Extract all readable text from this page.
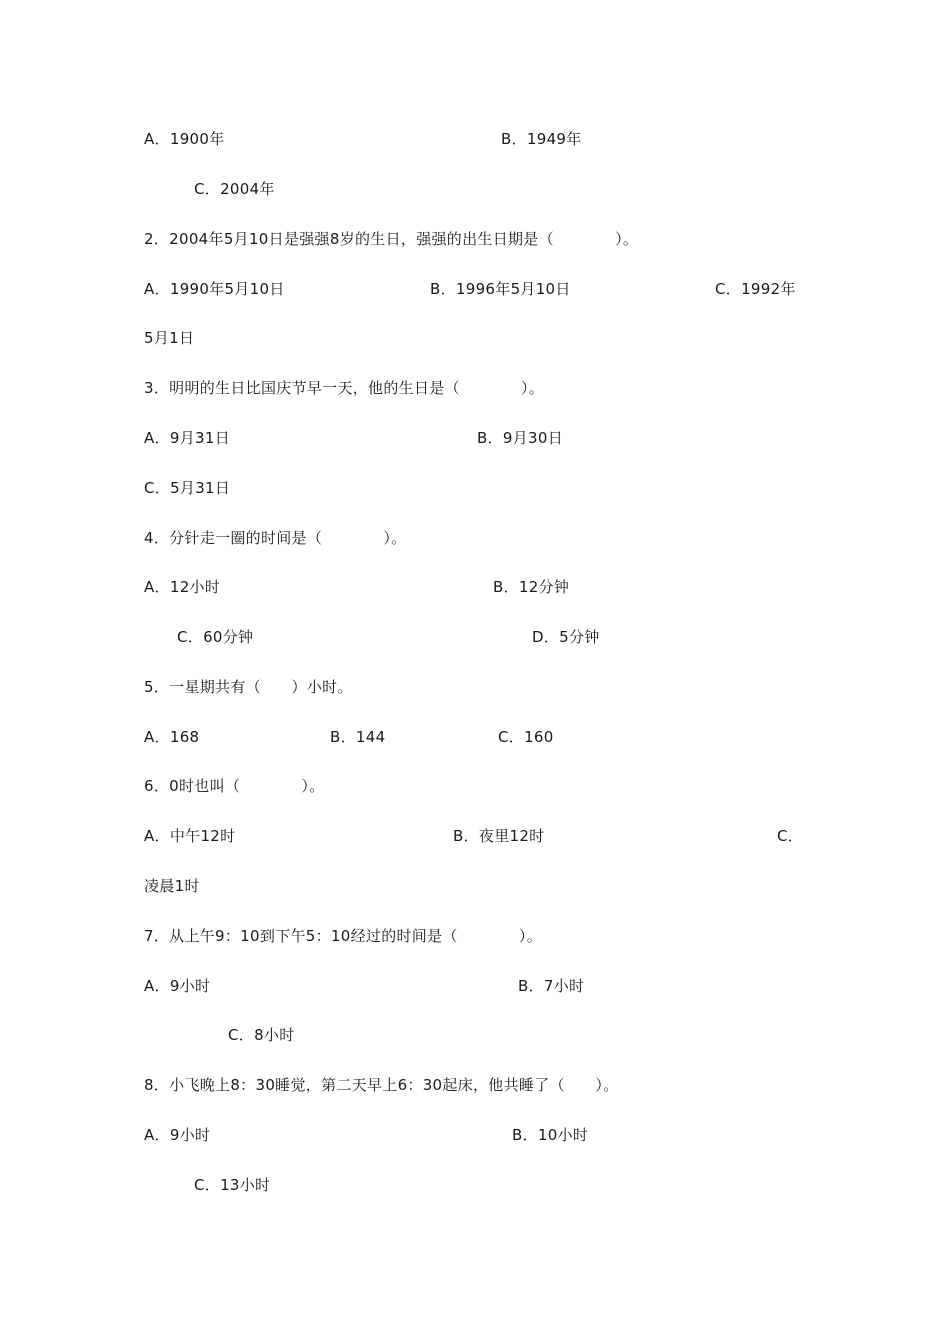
A．1900年	B．1949年
C．2004年
2．2004年5月10日是强强8岁的生日，强强的出生日期是（　　　　）。
A．1990年5月10日	B．1996年5月10日	C．1992年
5月1日
3．明明的生日比国庆节早一天，他的生日是（　　　　）。
A．9月31日	B．9月30日
C．5月31日
4．分针走一圈的时间是（　　　　）。
A．12小时	B．12分钟
C．60分钟	D．5分钟
5．一星期共有（　　）小时。
A．168	B．144	C．160
6．0时也叫（　　　　）。
A．中午12时	B．夜里12时	C．
凌晨1时
7．从上午9：10到下午5：10经过的时间是（　　　　）。
A．9小时	B．7小时
C．8小时
8．小飞晚上8：30睡觉，第二天早上6：30起床，他共睡了（　　）。
A．9小时	B．10小时
C．13小时
